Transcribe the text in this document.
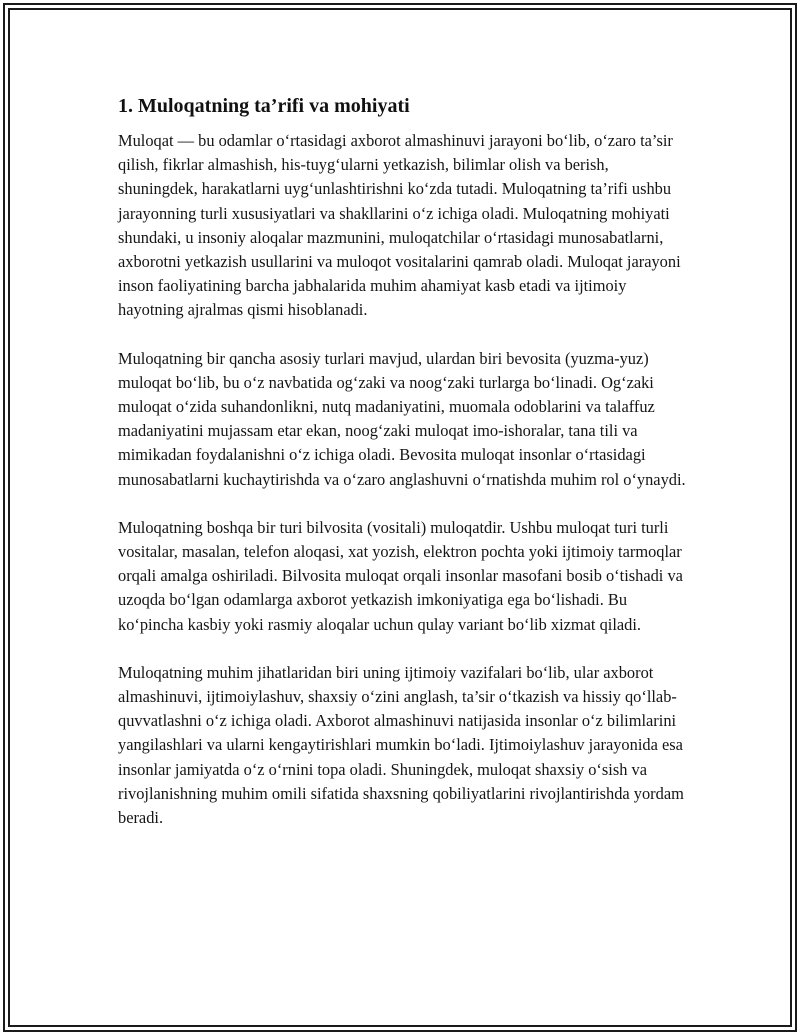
1. Muloqatning ta’rifi va mohiyati

Muloqat — bu odamlar o‘rtasidagi axborot almashinuvi jarayoni bo‘lib, o‘zaro ta’sir qilish, fikrlar almashish, his-tuyg‘ularni yetkazish, bilimlar olish va berish, shuningdek, harakatlarni uyg‘unlashtirishni ko‘zda tutadi. Muloqatning ta’rifi ushbu jarayonning turli xususiyatlari va shakllarini o‘z ichiga oladi. Muloqatning mohiyati shundaki, u insoniy aloqalar mazmunini, muloqatchilar o‘rtasidagi munosabatlarni, axborotni yetkazish usullarini va muloqot vositalarini qamrab oladi. Muloqat jarayoni inson faoliyatining barcha jabhalarida muhim ahamiyat kasb etadi va ijtimoiy hayotning ajralmas qismi hisoblanadi.

Muloqatning bir qancha asosiy turlari mavjud, ulardan biri bevosita (yuzma-yuz) muloqat bo‘lib, bu o‘z navbatida og‘zaki va noog‘zaki turlarga bo‘linadi. Og‘zaki muloqat o‘zida suhandonlikni, nutq madaniyatini, muomala odoblarini va talaffuz madaniyatini mujassam etar ekan, noog‘zaki muloqat imo-ishoralar, tana tili va mimikadan foydalanishni o‘z ichiga oladi. Bevosita muloqat insonlar o‘rtasidagi munosabatlarni kuchaytirishda va o‘zaro anglashuvni o‘rnatishda muhim rol o‘ynaydi.

Muloqatning boshqa bir turi bilvosita (vositali) muloqatdir. Ushbu muloqat turi turli vositalar, masalan, telefon aloqasi, xat yozish, elektron pochta yoki ijtimoiy tarmoqlar orqali amalga oshiriladi. Bilvosita muloqat orqali insonlar masofani bosib o‘tishadi va uzoqda bo‘lgan odamlarga axborot yetkazish imkoniyatiga ega bo‘lishadi. Bu ko‘pincha kasbiy yoki rasmiy aloqalar uchun qulay variant bo‘lib xizmat qiladi.

Muloqatning muhim jihatlaridan biri uning ijtimoiy vazifalari bo‘lib, ular axborot almashinuvi, ijtimoiylashuv, shaxsiy o‘zini anglash, ta’sir o‘tkazish va hissiy qo‘llab-quvvatlashni o‘z ichiga oladi. Axborot almashinuvi natijasida insonlar o‘z bilimlarini yangilashlari va ularni kengaytirishlari mumkin bo‘ladi. Ijtimoiylashuv jarayonida esa insonlar jamiyatda o‘z o‘rnini topa oladi. Shuningdek, muloqat shaxsiy o‘sish va rivojlanishning muhim omili sifatida shaxsning qobiliyatlarini rivojlantirishda yordam beradi.
